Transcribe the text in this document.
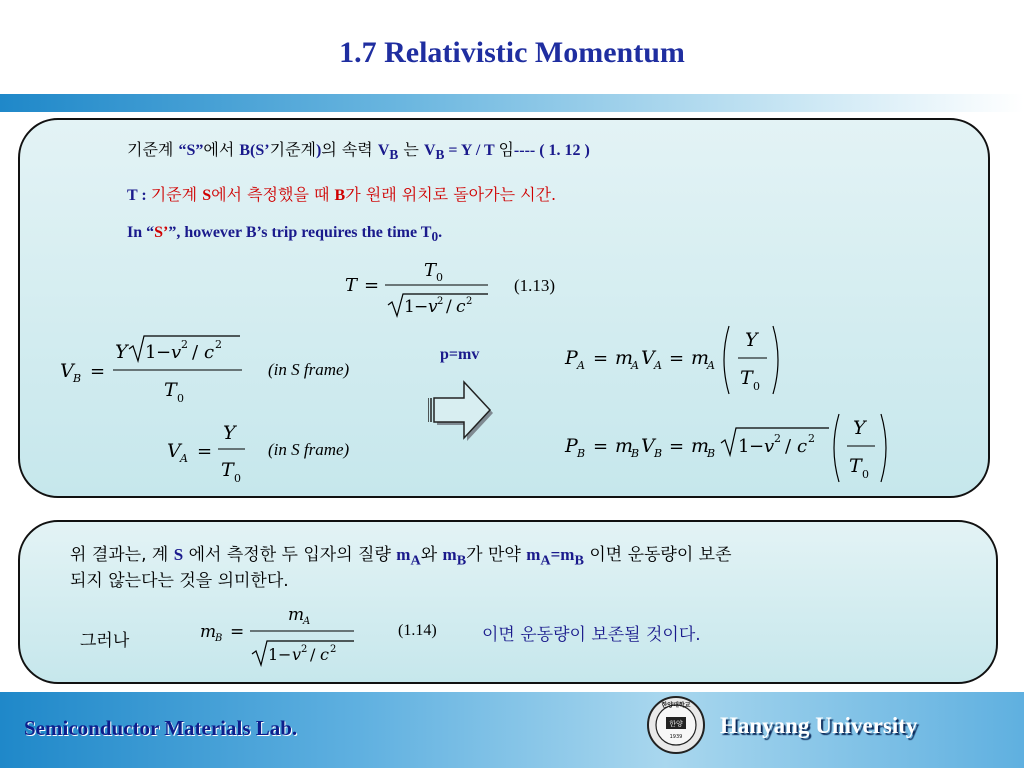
1.7 Relativistic Momentum
기준계 “S”에서 B(S’기준계)의 속력 $V_B$ 는 $V_B = Y / T$ 임---- ( 1. 12 )
T : 기준계 S에서 측정했을 때 B가 원래 위치로 돌아가는 시간.
In “S’”, however B’s trip requires the time $T_0$.
T =
T 0
1 − v 2 / c 2
(1.13)
V B =
Y 1 − v 2 / c 2
T 0
(in S frame)
V A =
Y
T 0
(in S frame)
p=mv	P A = m
A V A = m
A
Y
T 0
P B = m
B V B = m
B 1 − v 2 / c 2 Y
T 0
위 결과는, 계 S 에서 측정한 두 입자의 질량 $m_A$와 $m_B$가 만약 $m_A=m_B$ 이면 운동량이 보존
되지 않는다는 것을 의미한다.
그러나	m
B =
m
A
1 − v 2 / c 2
(1.14)	이면 운동량이 보존될 것이다.
Semiconductor Materials Lab.
한양대학교
한양
1939 Hanyang University
